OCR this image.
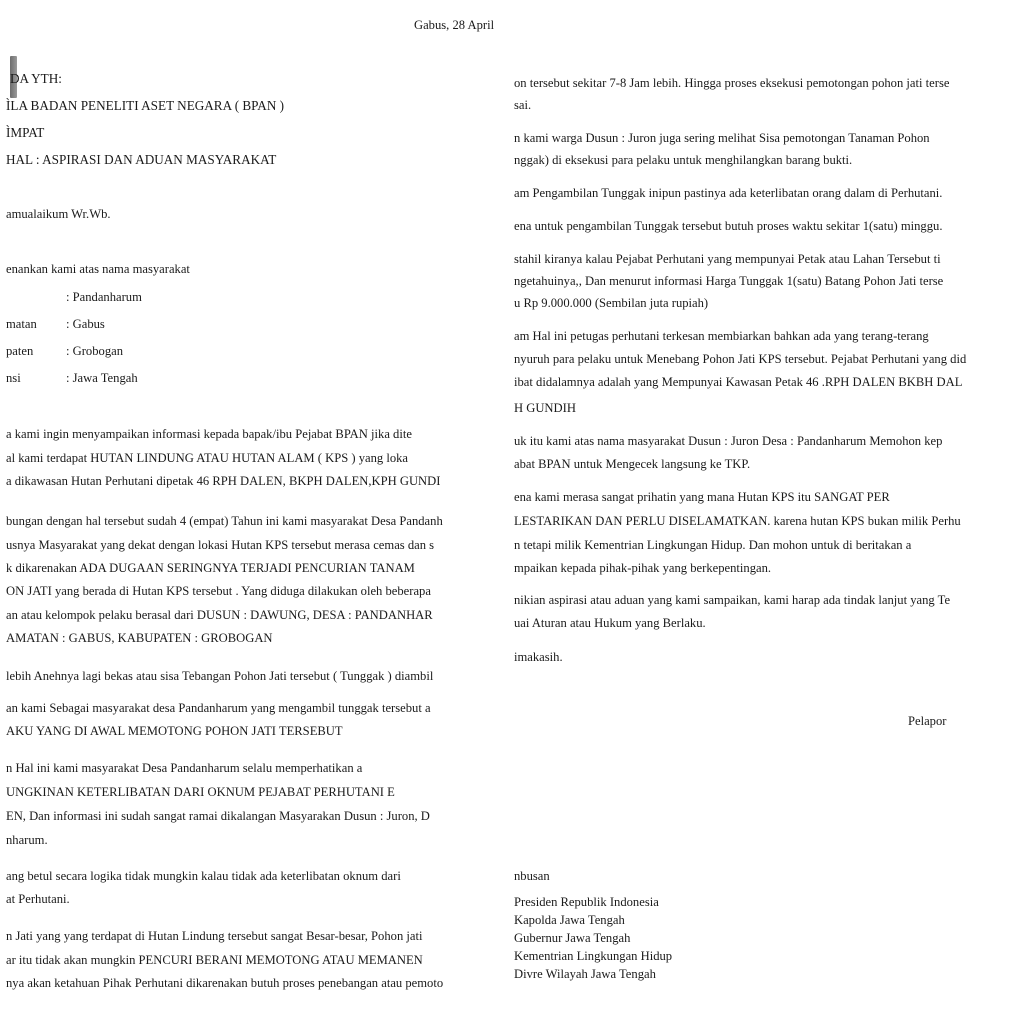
Gabus, 28 April
DA YTH:
ÌLA BADAN PENELITI ASET NEGARA ( BPAN )
ÌMPAT
HAL : ASPIRASI DAN ADUAN MASYARAKAT
amualaikum Wr.Wb.
enankan kami atas nama masyarakat
: Pandanharum
matan : Gabus
paten	: Grobogan
nsi	: Jawa Tengah
a kami ingin menyampaikan informasi kepada bapak/ibu Pejabat BPAN jika dite
al kami terdapat HUTAN LINDUNG ATAU HUTAN ALAM ( KPS ) yang loka
a dikawasan Hutan Perhutani dipetak 46 RPH DALEN, BKPH DALEN,KPH GUNDI
bungan dengan hal tersebut sudah 4 (empat) Tahun ini kami masyarakat Desa Pandanh
usnya Masyarakat yang dekat dengan lokasi Hutan KPS tersebut merasa cemas dan s
k dikarenakan ADA DUGAAN SERINGNYA TERJADI PENCURIAN TANAM
ON JATI yang berada di Hutan KPS tersebut . Yang diduga dilakukan oleh beberapa
an atau kelompok pelaku berasal dari DUSUN : DAWUNG, DESA : PANDANHAR
AMATAN : GABUS, KABUPATEN : GROBOGAN
lebih Anehnya lagi bekas atau sisa Tebangan Pohon Jati tersebut ( Tunggak ) diambil
an kami Sebagai masyarakat desa Pandanharum yang mengambil tunggak tersebut a
AKU YANG DI AWAL MEMOTONG POHON JATI TERSEBUT
n Hal ini kami masyarakat Desa Pandanharum selalu memperhatikan a
UNGKINAN KETERLIBATAN DARI OKNUM PEJABAT PERHUTANI E
EN, Dan informasi ini sudah sangat ramai dikalangan Masyarakan Dusun : Juron, D
nharum.
ang betul secara logika tidak mungkin kalau tidak ada keterlibatan oknum dari
at Perhutani.
n Jati yang yang terdapat di Hutan Lindung tersebut sangat Besar-besar, Pohon jati
ar itu tidak akan mungkin PENCURI BERANI MEMOTONG ATAU MEMANEN
nya akan ketahuan Pihak Perhutani dikarenakan butuh proses penebangan atau pemoto
on tersebut sekitar 7-8 Jam lebih. Hingga proses eksekusi pemotongan pohon jati terse
sai.
n kami warga Dusun : Juron juga sering melihat Sisa pemotongan Tanaman Pohon
nggak) di eksekusi para pelaku untuk menghilangkan barang bukti.
am Pengambilan Tunggak inipun pastinya ada keterlibatan orang dalam di Perhutani.
ena untuk pengambilan Tunggak tersebut butuh proses waktu sekitar 1(satu) minggu.
stahil kiranya kalau Pejabat Perhutani yang mempunyai Petak atau Lahan Tersebut ti
ngetahuinya,, Dan menurut informasi Harga Tunggak 1(satu) Batang Pohon Jati terse
u Rp 9.000.000 (Sembilan juta rupiah)
am Hal ini petugas perhutani terkesan membiarkan bahkan ada yang terang-terang
nyuruh para pelaku untuk Menebang Pohon Jati KPS tersebut. Pejabat Perhutani yang did
ibat didalamnya adalah yang Mempunyai Kawasan Petak 46 .RPH DALEN BKBH DAL
H GUNDIH
uk itu kami atas nama masyarakat Dusun : Juron Desa : Pandanharum Memohon kep
abat BPAN untuk Mengecek langsung ke TKP.
ena kami merasa sangat prihatin yang mana Hutan KPS itu SANGAT PER
LESTARIKAN DAN PERLU DISELAMATKAN. karena hutan KPS bukan milik Perhu
n tetapi milik Kementrian Lingkungan Hidup. Dan mohon untuk di beritakan a
mpaikan kepada pihak-pihak yang berkepentingan.
nikian aspirasi atau aduan yang kami sampaikan, kami harap ada tindak lanjut yang Te
uai Aturan atau Hukum yang Berlaku.
imakasih.
Pelapor
nbusan
Presiden Republik Indonesia
Kapolda Jawa Tengah
Gubernur Jawa Tengah
Kementrian Lingkungan Hidup
Divre Wilayah Jawa Tengah
